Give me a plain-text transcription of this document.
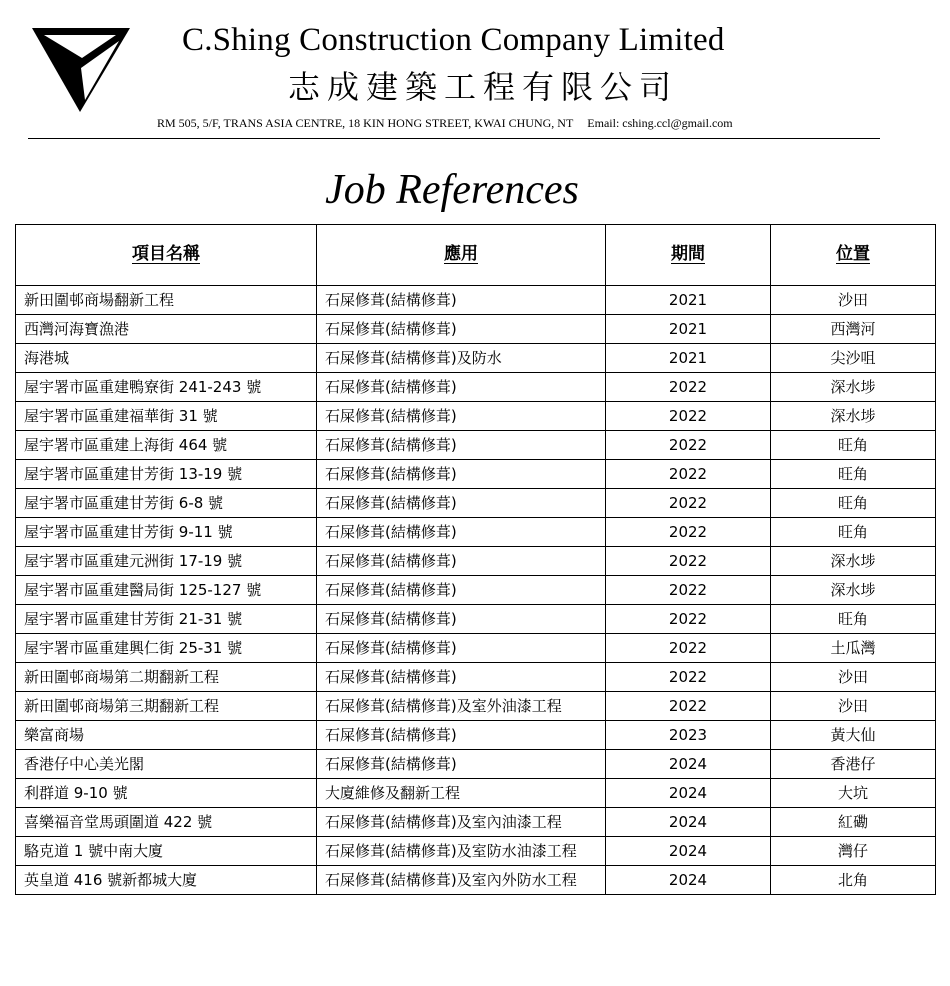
C.Shing Construction Company Limited
志成建築工程有限公司
RM 505, 5/F, TRANS ASIA CENTRE, 18 KIN HONG STREET, KWAI CHUNG, NT Email: cshing.ccl@gmail.com
Job References
項目名稱	應用	期間	位置
新田圍邨商場翻新工程	石屎修葺(結構修葺)	2021	沙田
西灣河海寶漁港	石屎修葺(結構修葺)	2021	西灣河
海港城	石屎修葺(結構修葺)及防水	2021	尖沙咀
屋宇署市區重建鴨寮街 241-243 號	石屎修葺(結構修葺)	2022	深水埗
屋宇署市區重建福華街 31 號	石屎修葺(結構修葺)	2022	深水埗
屋宇署市區重建上海街 464 號	石屎修葺(結構修葺)	2022	旺角
屋宇署市區重建甘芳街 13-19 號	石屎修葺(結構修葺)	2022	旺角
屋宇署市區重建甘芳街 6-8 號	石屎修葺(結構修葺)	2022	旺角
屋宇署市區重建甘芳街 9-11 號	石屎修葺(結構修葺)	2022	旺角
屋宇署市區重建元洲街 17-19 號	石屎修葺(結構修葺)	2022	深水埗
屋宇署市區重建醫局街 125-127 號	石屎修葺(結構修葺)	2022	深水埗
屋宇署市區重建甘芳街 21-31 號	石屎修葺(結構修葺)	2022	旺角
屋宇署市區重建興仁街 25-31 號	石屎修葺(結構修葺)	2022	土瓜灣
新田圍邨商場第二期翻新工程	石屎修葺(結構修葺)	2022	沙田
新田圍邨商場第三期翻新工程	石屎修葺(結構修葺)及室外油漆工程	2022	沙田
樂富商場	石屎修葺(結構修葺)	2023	黃大仙
香港仔中心美光閣	石屎修葺(結構修葺)	2024	香港仔
利群道 9-10 號	大廈維修及翻新工程	2024	大坑
喜樂福音堂馬頭圍道 422 號	石屎修葺(結構修葺)及室內油漆工程	2024	紅磡
駱克道 1 號中南大廈	石屎修葺(結構修葺)及室防水油漆工程	2024	灣仔
英皇道 416 號新都城大廈	石屎修葺(結構修葺)及室內外防水工程	2024	北角
